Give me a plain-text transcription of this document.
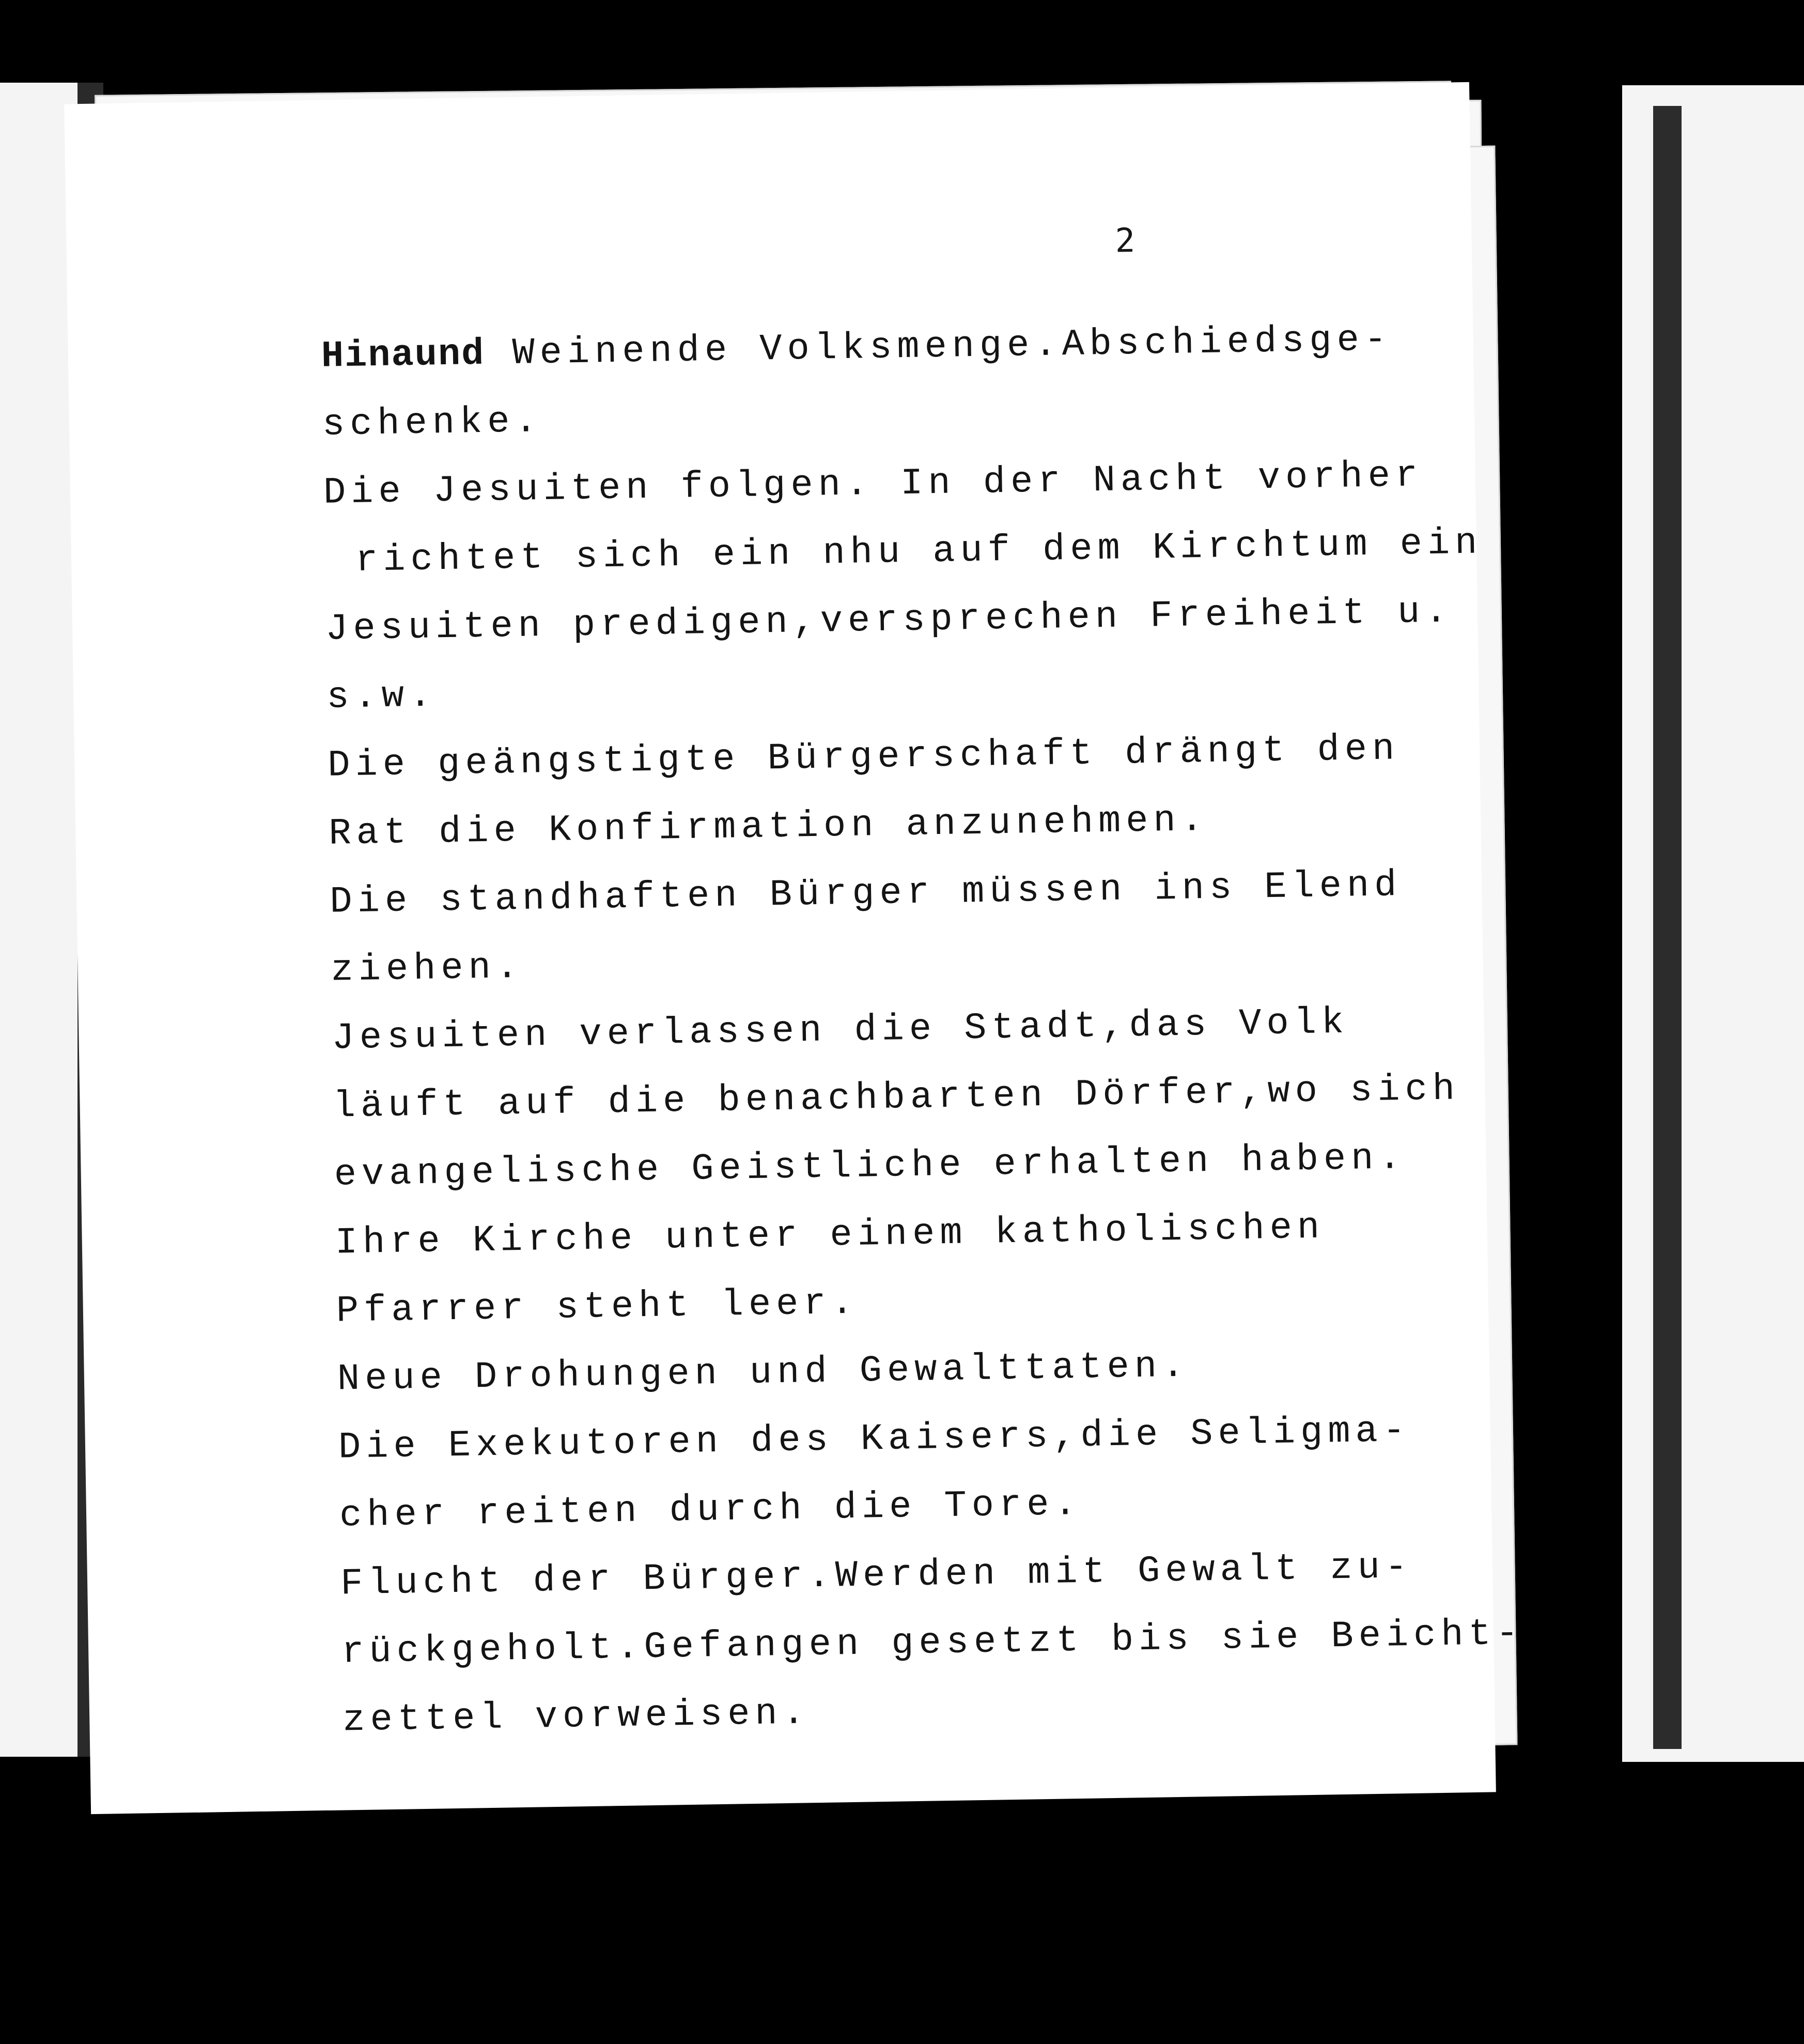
2
Hinaund Weinende Volksmenge.Abschiedsge-
schenke.
Die Jesuiten folgen. In der Nacht vorher
richtet sich ein nhu auf dem Kirchtum ein
Jesuiten predigen,versprechen Freiheit u.
s.w.
Die geängstigte Bürgerschaft drängt den
Rat die Konfirmation anzunehmen.
Die standhaften Bürger müssen ins Elend
ziehen.
Jesuiten verlassen die Stadt,das Volk
läuft auf die benachbarten Dörfer,wo sich
evangelische Geistliche erhalten haben.
Ihre Kirche unter einem katholischen
Pfarrer steht leer.
Neue Drohungen und Gewalttaten.
Die Exekutoren des Kaisers,die Seligma-
cher reiten durch die Tore.
Flucht der Bürger.Werden mit Gewalt zu-
rückgeholt.Gefangen gesetzt bis sie Beicht-
zettel vorweisen.
